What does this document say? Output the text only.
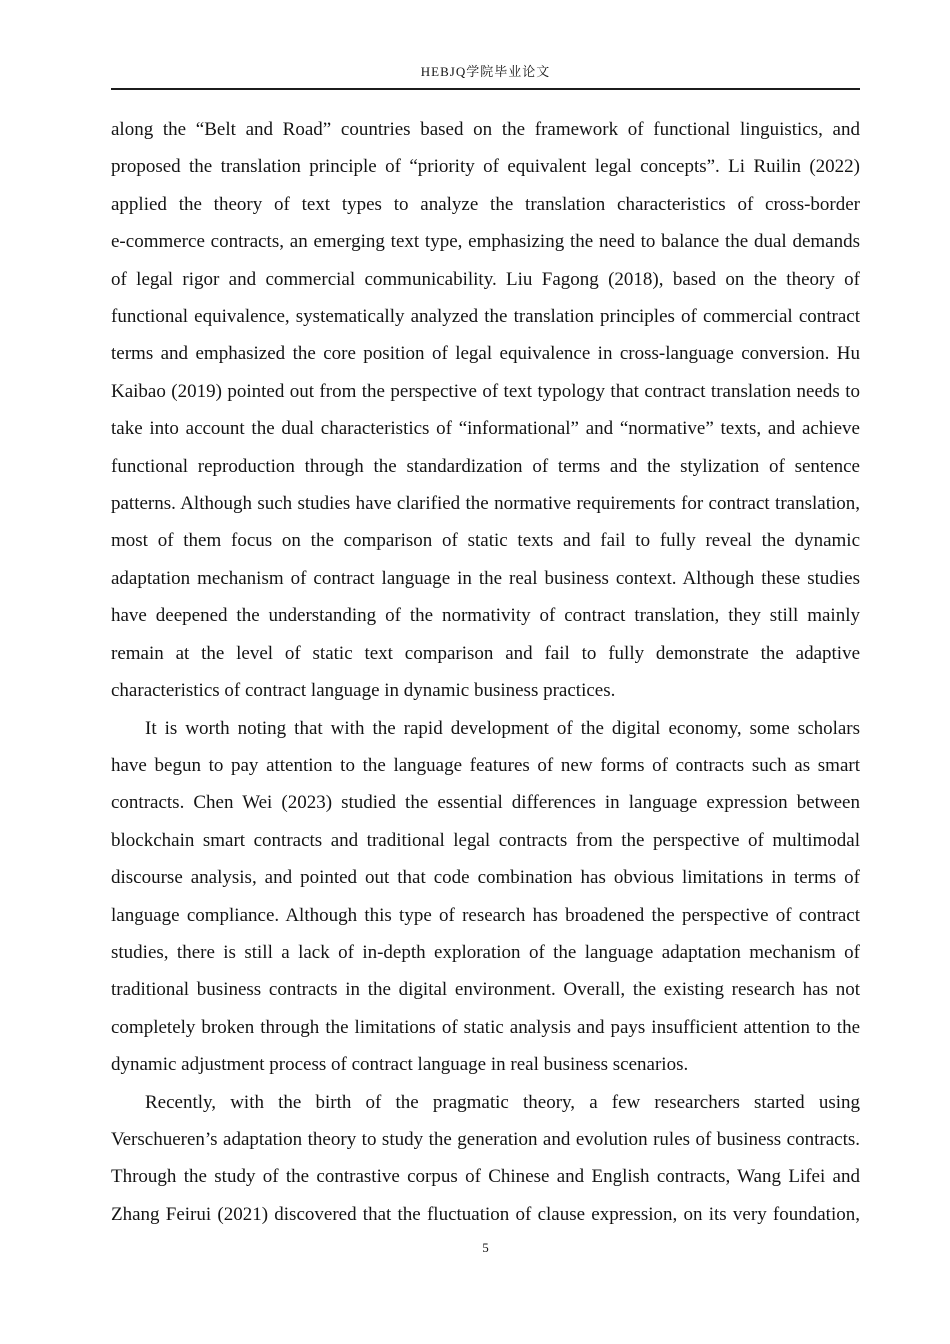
HEBJQ学院毕业论文
along the “Belt and Road” countries based on the framework of functional linguistics, and
proposed the translation principle of “priority of equivalent legal concepts”. Li Ruilin (2022)
applied the theory of text types to analyze the translation characteristics of cross-border
e-commerce contracts, an emerging text type, emphasizing the need to balance the dual demands
of legal rigor and commercial communicability. Liu Fagong (2018), based on the theory of
functional equivalence, systematically analyzed the translation principles of commercial contract
terms and emphasized the core position of legal equivalence in cross-language conversion. Hu
Kaibao (2019) pointed out from the perspective of text typology that contract translation needs to
take into account the dual characteristics of “informational” and “normative” texts, and achieve
functional reproduction through the standardization of terms and the stylization of sentence
patterns. Although such studies have clarified the normative requirements for contract translation,
most of them focus on the comparison of static texts and fail to fully reveal the dynamic
adaptation mechanism of contract language in the real business context. Although these studies
have deepened the understanding of the normativity of contract translation, they still mainly
remain at the level of static text comparison and fail to fully demonstrate the adaptive
characteristics of contract language in dynamic business practices.
It is worth noting that with the rapid development of the digital economy, some scholars
have begun to pay attention to the language features of new forms of contracts such as smart
contracts. Chen Wei (2023) studied the essential differences in language expression between
blockchain smart contracts and traditional legal contracts from the perspective of multimodal
discourse analysis, and pointed out that code combination has obvious limitations in terms of
language compliance. Although this type of research has broadened the perspective of contract
studies, there is still a lack of in-depth exploration of the language adaptation mechanism of
traditional business contracts in the digital environment. Overall, the existing research has not
completely broken through the limitations of static analysis and pays insufficient attention to the
dynamic adjustment process of contract language in real business scenarios.
Recently, with the birth of the pragmatic theory, a few researchers started using
Verschueren’s adaptation theory to study the generation and evolution rules of business contracts.
Through the study of the contrastive corpus of Chinese and English contracts, Wang Lifei and
Zhang Feirui (2021) discovered that the fluctuation of clause expression, on its very foundation,
5
